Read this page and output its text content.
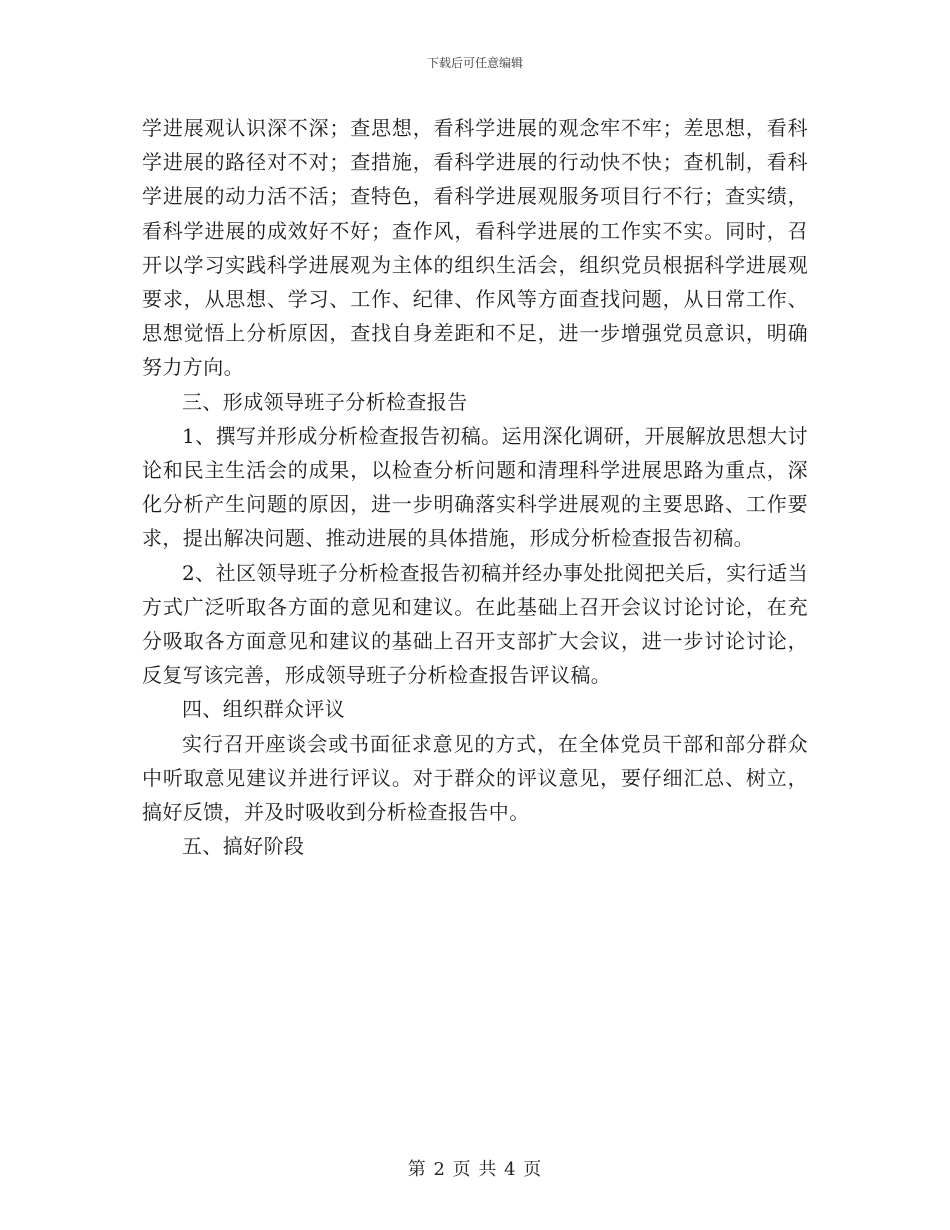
下载后可任意编辑

学进展观认识深不深；查思想，看科学进展的观念牢不牢；差思想，看科学进展的路径对不对；查措施，看科学进展的行动快不快；查机制，看科学进展的动力活不活；查特色，看科学进展观服务项目行不行；查实绩，看科学进展的成效好不好；查作风，看科学进展的工作实不实。同时，召开以学习实践科学进展观为主体的组织生活会，组织党员根据科学进展观要求，从思想、学习、工作、纪律、作风等方面查找问题，从日常工作、思想觉悟上分析原因，查找自身差距和不足，进一步增强党员意识，明确努力方向。

三、形成领导班子分析检查报告

1、撰写并形成分析检查报告初稿。运用深化调研，开展解放思想大讨论和民主生活会的成果，以检查分析问题和清理科学进展思路为重点，深化分析产生问题的原因，进一步明确落实科学进展观的主要思路、工作要求，提出解决问题、推动进展的具体措施，形成分析检查报告初稿。

2、社区领导班子分析检查报告初稿并经办事处批阅把关后，实行适当方式广泛听取各方面的意见和建议。在此基础上召开会议讨论讨论，在充分吸取各方面意见和建议的基础上召开支部扩大会议，进一步讨论讨论，反复写该完善，形成领导班子分析检查报告评议稿。

四、组织群众评议

实行召开座谈会或书面征求意见的方式，在全体党员干部和部分群众中听取意见建议并进行评议。对于群众的评议意见，要仔细汇总、树立，搞好反馈，并及时吸收到分析检查报告中。

五、搞好阶段

第 2 页 共 4 页
